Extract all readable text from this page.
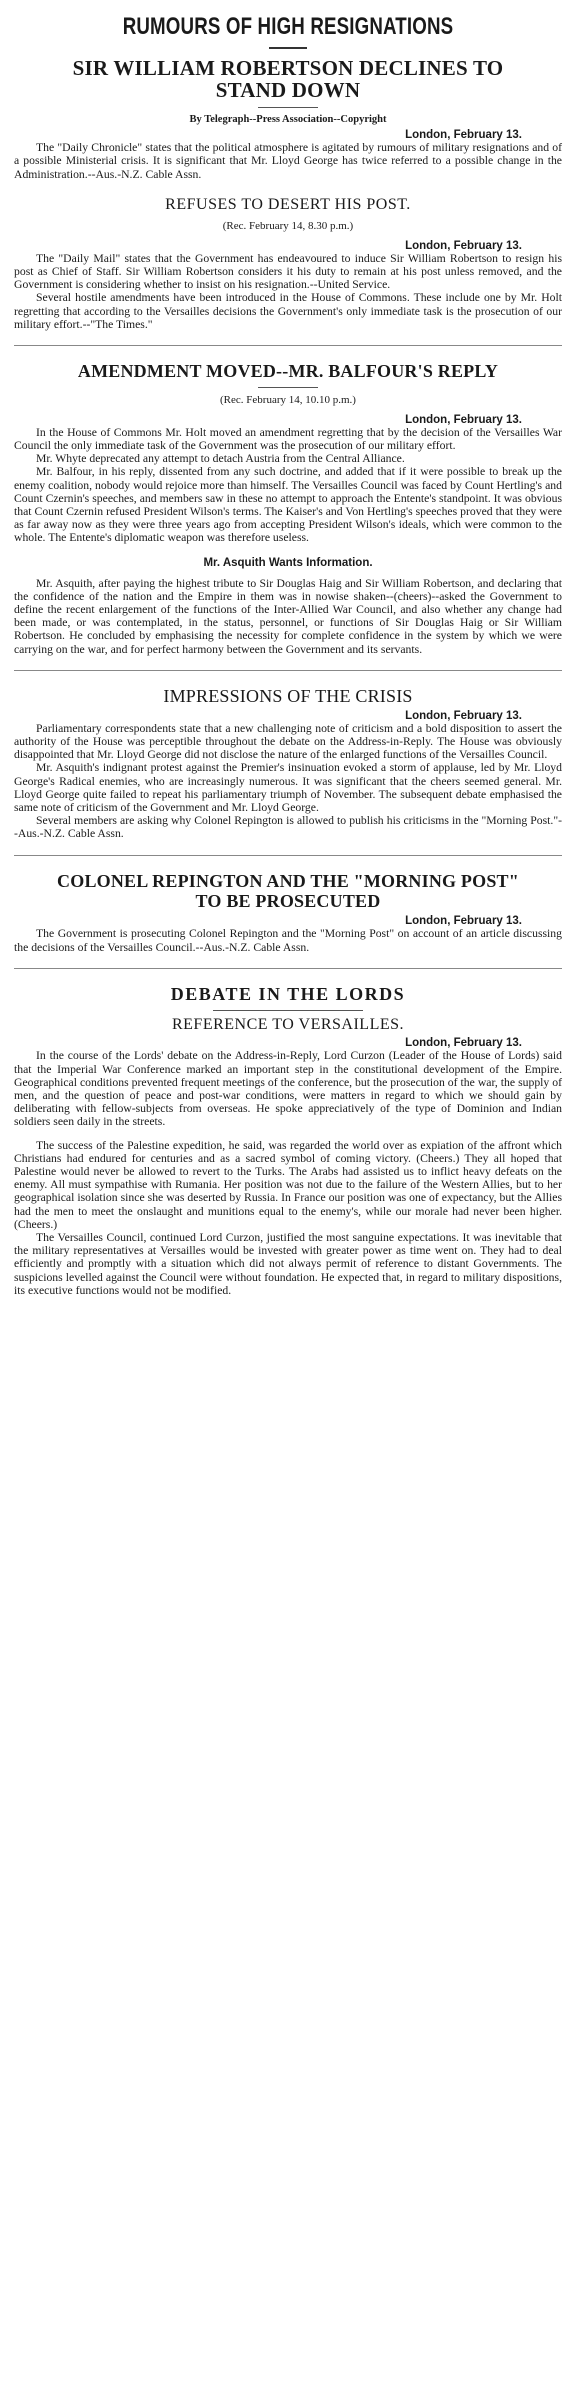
RUMOURS OF HIGH RESIGNATIONS
SIR WILLIAM ROBERTSON DECLINES TO
STAND DOWN
By Telegraph--Press Association--Copyright
London, February 13.

The "Daily Chronicle" states that the political atmosphere is agitated by rumours of military resignations and of a possible Ministerial crisis. It is significant that Mr. Lloyd George has twice referred to a possible change in the Administration.--Aus.-N.Z. Cable Assn.

REFUSES TO DESERT HIS POST.
(Rec. February 14, 8.30 p.m.)
London, February 13.

The "Daily Mail" states that the Government has endeavoured to induce Sir William Robertson to resign his post as Chief of Staff. Sir William Robertson considers it his duty to remain at his post unless removed, and the Government is considering whether to insist on his resignation.--United Service.

Several hostile amendments have been introduced in the House of Commons. These include one by Mr. Holt regretting that according to the Versailles decisions the Government's only immediate task is the prosecution of our military effort.--"The Times."

AMENDMENT MOVED--MR. BALFOUR'S REPLY
(Rec. February 14, 10.10 p.m.)
London, February 13.

In the House of Commons Mr. Holt moved an amendment regretting that by the decision of the Versailles War Council the only immediate task of the Government was the prosecution of our military effort.

Mr. Whyte deprecated any attempt to detach Austria from the Central Alliance.

Mr. Balfour, in his reply, dissented from any such doctrine, and added that if it were possible to break up the enemy coalition, nobody would rejoice more than himself. The Versailles Council was faced by Count Hertling's and Count Czernin's speeches, and members saw in these no attempt to approach the Entente's standpoint. It was obvious that Count Czernin refused President Wilson's terms. The Kaiser's and Von Hertling's speeches proved that they were as far away now as they were three years ago from accepting President Wilson's ideals, which were common to the whole. The Entente's diplomatic weapon was therefore useless.

Mr. Asquith Wants Information.

Mr. Asquith, after paying the highest tribute to Sir Douglas Haig and Sir William Robertson, and declaring that the confidence of the nation and the Empire in them was in nowise shaken--(cheers)--asked the Government to define the recent enlargement of the functions of the Inter-Allied War Council, and also whether any change had been made, or was contemplated, in the status, personnel, or functions of Sir Douglas Haig or Sir William Robertson. He concluded by emphasising the necessity for complete confidence in the system by which we were carrying on the war, and for perfect harmony between the Government and its servants.

IMPRESSIONS OF THE CRISIS
London, February 13.

Parliamentary correspondents state that a new challenging note of criticism and a bold disposition to assert the authority of the House was perceptible throughout the debate on the Address-in-Reply. The House was obviously disappointed that Mr. Lloyd George did not disclose the nature of the enlarged functions of the Versailles Council.

Mr. Asquith's indignant protest against the Premier's insinuation evoked a storm of applause, led by Mr. Lloyd George's Radical enemies, who are increasingly numerous. It was significant that the cheers seemed general. Mr. Lloyd George quite failed to repeat his parliamentary triumph of November. The subsequent debate emphasised the same note of criticism of the Government and Mr. Lloyd George.

Several members are asking why Colonel Repington is allowed to publish his criticisms in the "Morning Post."--Aus.-N.Z. Cable Assn.

COLONEL REPINGTON AND THE "MORNING POST"
TO BE PROSECUTED
London, February 13.

The Government is prosecuting Colonel Repington and the "Morning Post" on account of an article discussing the decisions of the Versailles Council.--Aus.-N.Z. Cable Assn.

DEBATE IN THE LORDS
REFERENCE TO VERSAILLES.
London, February 13.

In the course of the Lords' debate on the Address-in-Reply, Lord Curzon (Leader of the House of Lords) said that the Imperial War Conference marked an important step in the constitutional development of the Empire. Geographical conditions prevented frequent meetings of the conference, but the prosecution of the war, the supply of men, and the question of peace and post-war conditions, were matters in regard to which we should gain by deliberating with fellow-subjects from overseas. He spoke appreciatively of the type of Dominion and Indian soldiers seen daily in the streets.

The success of the Palestine expedition, he said, was regarded the world over as expiation of the affront which Christians had endured for centuries and as a sacred symbol of coming victory. (Cheers.) They all hoped that Palestine would never be allowed to revert to the Turks. The Arabs had assisted us to inflict heavy defeats on the enemy. All must sympathise with Rumania. Her position was not due to the failure of the Western Allies, but to her geographical isolation since she was deserted by Russia. In France our position was one of expectancy, but the Allies had the men to meet the onslaught and munitions equal to the enemy's, while our morale had never been higher. (Cheers.)

The Versailles Council, continued Lord Curzon, justified the most sanguine expectations. It was inevitable that the military representatives at Versailles would be invested with greater power as time went on. They had to deal efficiently and promptly with a situation which did not always permit of reference to distant Governments. The suspicions levelled against the Council were without foundation. He expected that, in regard to military dispositions, its executive functions would not be modified.
